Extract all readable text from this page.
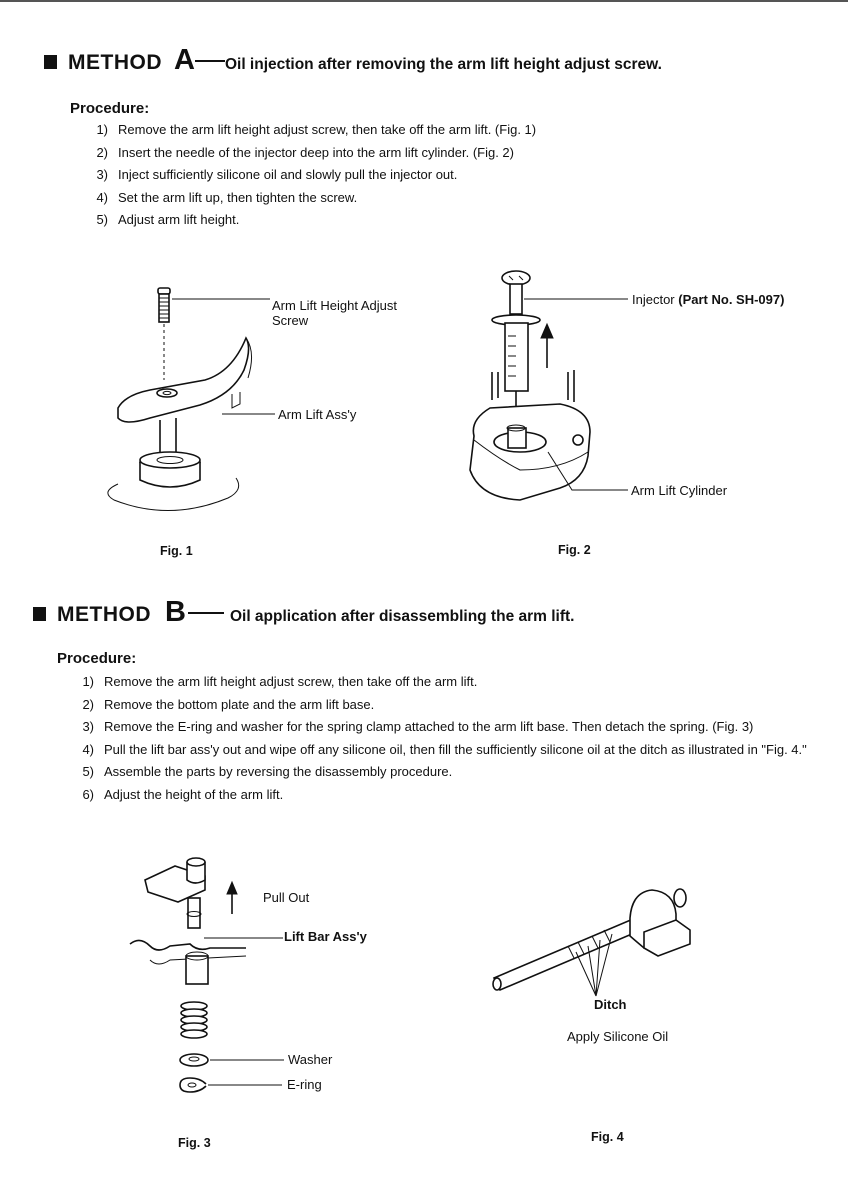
METHOD A Oil injection after removing the arm lift height adjust screw.
Procedure:
1) Remove the arm lift height adjust screw, then take off the arm lift. (Fig. 1)
2) Insert the needle of the injector deep into the arm lift cylinder. (Fig. 2)
3) Inject sufficiently silicone oil and slowly pull the injector out.
4) Set the arm lift up, then tighten the screw.
5) Adjust arm lift height.
Arm Lift Height Adjust
Screw
Arm Lift Ass'y
Fig. 1
Injector (Part No. SH-097)
Arm Lift Cylinder
Fig. 2
METHOD B	Oil application after disassembling the arm lift.
Procedure:
1) Remove the arm lift height adjust screw, then take off the arm lift.
2) Remove the bottom plate and the arm lift base.
3) Remove the E-ring and washer for the spring clamp attached to the arm lift base. Then detach the spring. (Fig. 3)
4) Pull the lift bar ass'y out and wipe off any silicone oil, then fill the sufficiently silicone oil at the ditch as illustrated in "Fig. 4."
5) Assemble the parts by reversing the disassembly procedure.
6) Adjust the height of the arm lift.
Pull Out
Lift Bar Ass'y
Washer
E-ring
Fig. 3
Ditch
Apply Silicone Oil
Fig. 4
